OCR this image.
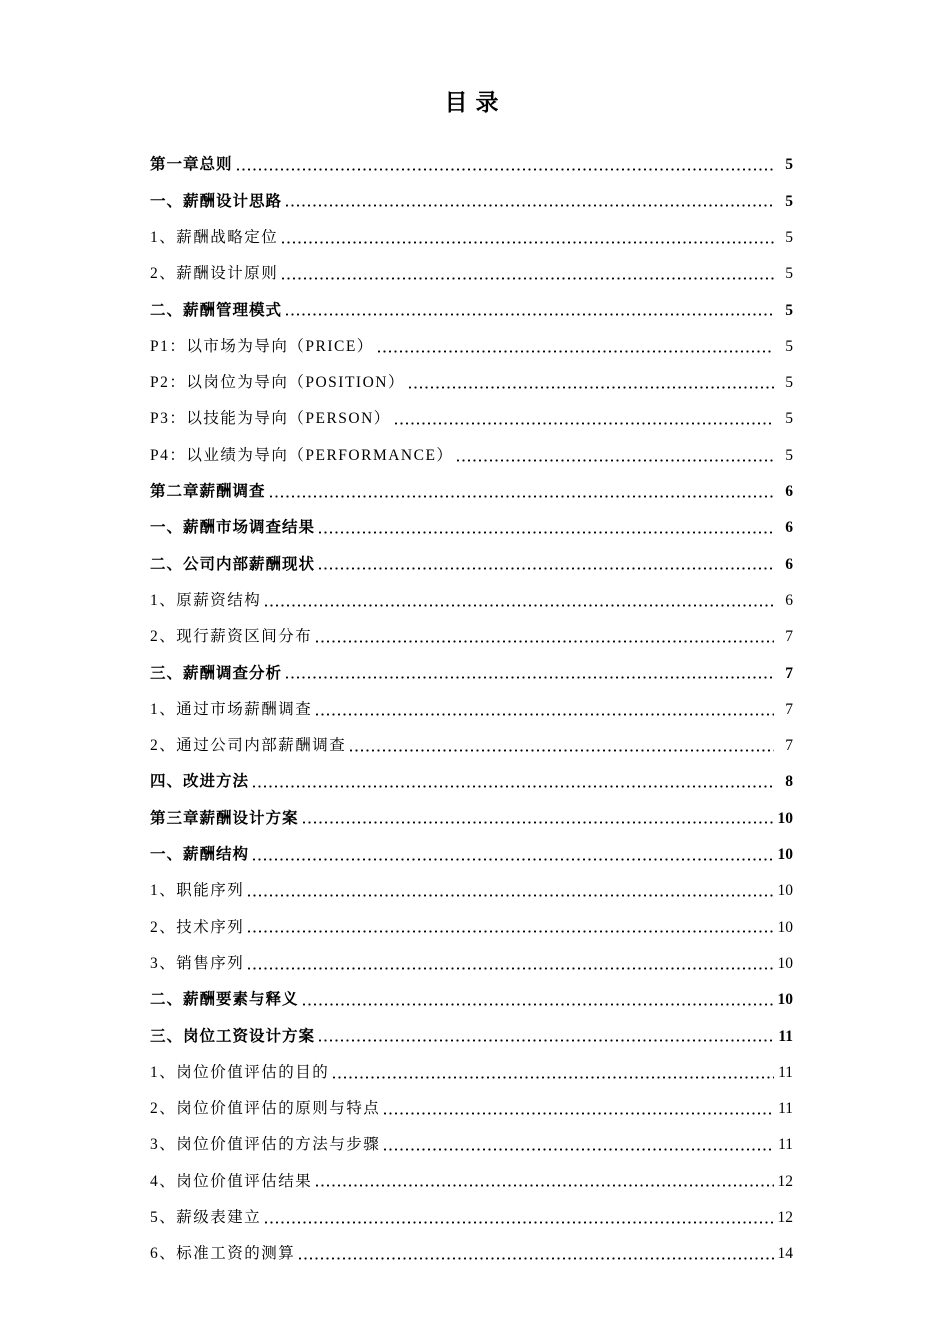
目录
第一章总则	5
一、薪酬设计思路	5
1、薪酬战略定位	5
2、薪酬设计原则	5
二、薪酬管理模式	5
P1：以市场为导向（PRICE）	5
P2：以岗位为导向（POSITION）	5
P3：以技能为导向（PERSON）	5
P4：以业绩为导向（PERFORMANCE）	5
第二章薪酬调查	6
一、薪酬市场调查结果	6
二、公司内部薪酬现状	6
1、原薪资结构	6
2、现行薪资区间分布	7
三、薪酬调查分析	7
1、通过市场薪酬调查	7
2、通过公司内部薪酬调查	7
四、改进方法	8
第三章薪酬设计方案	10
一、薪酬结构	10
1、职能序列	10
2、技术序列	10
3、销售序列	10
二、薪酬要素与释义	10
三、岗位工资设计方案	11
1、岗位价值评估的目的	11
2、岗位价值评估的原则与特点	11
3、岗位价值评估的方法与步骤	11
4、岗位价值评估结果	12
5、薪级表建立	12
6、标准工资的测算	14
